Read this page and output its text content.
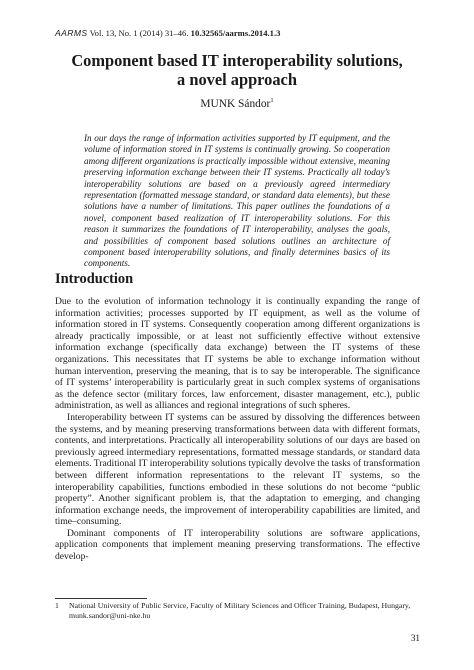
AARMS Vol. 13, No. 1 (2014) 31–46. 10.32565/aarms.2014.1.3
Component based IT interoperability solutions,
a novel approach
MUNK Sándor$^1$

In our days the range of information activities supported by IT equipment, and the volume of information stored in IT systems is continually growing. So cooperation among different organizations is practically impossible without extensive, meaning preserving information exchange between their IT systems. Practically all today’s interoperability solutions are based on a previously agreed intermediary representation (formatted message standard, or standard data elements), but these solutions have a number of limitations. This paper outlines the foundations of a novel, component based realization of IT interoperability solutions. For this reason it summarizes the foundations of IT interoperability, analyses the goals, and possibilities of component based solutions outlines an architecture of component based interoperability solutions, and finally determines basics of its components.

Introduction

Due to the evolution of information technology it is continually expanding the range of information activities; processes supported by IT equipment, as well as the volume of information stored in IT systems. Consequently cooperation among different organizations is already practically impossible, or at least not sufficiently effective without extensive information exchange (specifically data exchange) between the IT systems of these organizations. This necessitates that IT systems be able to exchange information without human intervention, preserving the meaning, that is to say be interoperable. The significance of IT systems’ interoperability is particularly great in such complex systems of organisations as the defence sector (military forces, law enforcement, disaster management, etc.), public administration, as well as alliances and regional integrations of such spheres.

Interoperability between IT systems can be assured by dissolving the differences between the systems, and by meaning preserving transformations between data with different formats, contents, and interpretations. Practically all interoperability solutions of our days are based on previously agreed intermediary representations, formatted message standards, or standard data elements. Traditional IT interoperability solutions typically devolve the tasks of transformation between different information representations to the relevant IT systems, so the interoperability capabilities, functions embodied in these solutions do not become “public property”. Another significant problem is, that the adaptation to emerging, and changing information exchange needs, the improvement of interoperability capabilities are limited, and time–consuming.

Dominant components of IT interoperability solutions are software applications, application components that implement meaning preserving transformations. The effective develop-

1	National University of Public Service, Faculty of Military Sciences and Officer Training, Budapest, Hungary, munk.sandor@uni-nke.hu
31
